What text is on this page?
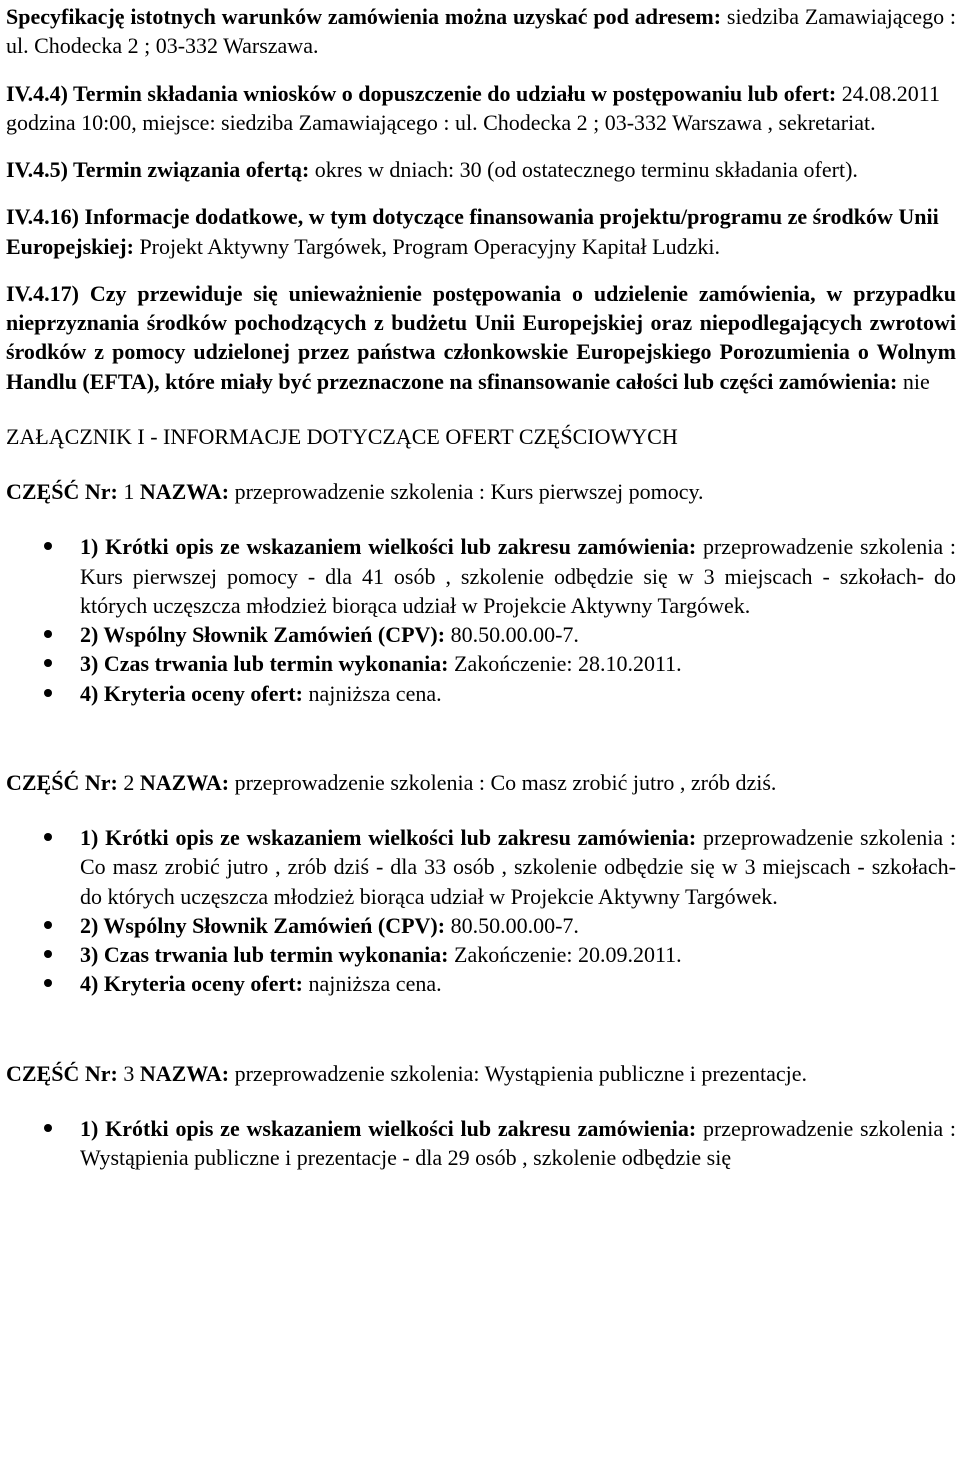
Specyfikację istotnych warunków zamówienia można uzyskać pod adresem: siedziba Zamawiającego : ul. Chodecka 2 ; 03-332 Warszawa.

IV.4.4) Termin składania wniosków o dopuszczenie do udziału w postępowaniu lub ofert: 24.08.2011 godzina 10:00, miejsce: siedziba Zamawiającego : ul. Chodecka 2 ; 03-332 Warszawa , sekretariat.

IV.4.5) Termin związania ofertą: okres w dniach: 30 (od ostatecznego terminu składania ofert).

IV.4.16) Informacje dodatkowe, w tym dotyczące finansowania projektu/programu ze środków Unii Europejskiej: Projekt Aktywny Targówek, Program Operacyjny Kapitał Ludzki.

IV.4.17) Czy przewiduje się unieważnienie postępowania o udzielenie zamówienia, w przypadku nieprzyznania środków pochodzących z budżetu Unii Europejskiej oraz niepodlegających zwrotowi środków z pomocy udzielonej przez państwa członkowskie Europejskiego Porozumienia o Wolnym Handlu (EFTA), które miały być przeznaczone na sfinansowanie całości lub części zamówienia: nie

ZAŁĄCZNIK I - INFORMACJE DOTYCZĄCE OFERT CZĘŚCIOWYCH

CZĘŚĆ Nr: 1 NAZWA: przeprowadzenie szkolenia : Kurs pierwszej pomocy.

1) Krótki opis ze wskazaniem wielkości lub zakresu zamówienia: przeprowadzenie szkolenia : Kurs pierwszej pomocy - dla 41 osób , szkolenie odbędzie się w 3 miejscach - szkołach- do których uczęszcza młodzież biorąca udział w Projekcie Aktywny Targówek.
2) Wspólny Słownik Zamówień (CPV): 80.50.00.00-7.
3) Czas trwania lub termin wykonania: Zakończenie: 28.10.2011.
4) Kryteria oceny ofert: najniższa cena.

CZĘŚĆ Nr: 2 NAZWA: przeprowadzenie szkolenia : Co masz zrobić jutro , zrób dziś.

1) Krótki opis ze wskazaniem wielkości lub zakresu zamówienia: przeprowadzenie szkolenia : Co masz zrobić jutro , zrób dziś - dla 33 osób , szkolenie odbędzie się w 3 miejscach - szkołach- do których uczęszcza młodzież biorąca udział w Projekcie Aktywny Targówek.
2) Wspólny Słownik Zamówień (CPV): 80.50.00.00-7.
3) Czas trwania lub termin wykonania: Zakończenie: 20.09.2011.
4) Kryteria oceny ofert: najniższa cena.

CZĘŚĆ Nr: 3 NAZWA: przeprowadzenie szkolenia: Wystąpienia publiczne i prezentacje.

1) Krótki opis ze wskazaniem wielkości lub zakresu zamówienia: przeprowadzenie szkolenia : Wystąpienia publiczne i prezentacje - dla 29 osób , szkolenie odbędzie się
